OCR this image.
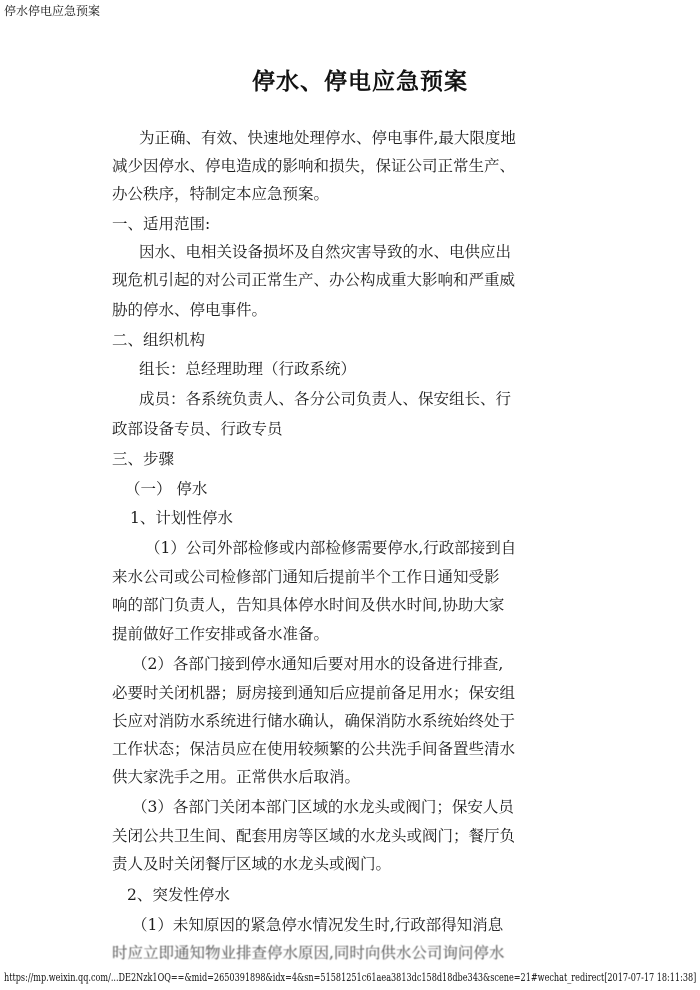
停水停电应急预案
停水、停电应急预案
为正确、有效、快速地处理停水、停电事件,最大限度地
减少因停水、停电造成的影响和损失，保证公司正常生产、
办公秩序，特制定本应急预案。
一、适用范围:
因水、电相关设备损坏及自然灾害导致的水、电供应出
现危机引起的对公司正常生产、办公构成重大影响和严重威
胁的停水、停电事件。
二、组织机构
组长：总经理助理（行政系统）
成员：各系统负责人、各分公司负责人、保安组长、行
政部设备专员、行政专员
三、步骤
（一） 停水
1、计划性停水
（1）公司外部检修或内部检修需要停水,行政部接到自
来水公司或公司检修部门通知后提前半个工作日通知受影
响的部门负责人，告知具体停水时间及供水时间,协助大家
提前做好工作安排或备水准备。
（2）各部门接到停水通知后要对用水的设备进行排查,
必要时关闭机器；厨房接到通知后应提前备足用水；保安组
长应对消防水系统进行储水确认，确保消防水系统始终处于
工作状态；保洁员应在使用较频繁的公共洗手间备置些清水
供大家洗手之用。正常供水后取消。
（3）各部门关闭本部门区域的水龙头或阀门；保安人员
关闭公共卫生间、配套用房等区域的水龙头或阀门；餐厅负
责人及时关闭餐厅区域的水龙头或阀门。
2、突发性停水
（1）未知原因的紧急停水情况发生时,行政部得知消息
时应立即通知物业排查停水原因,同时向供水公司询问停水
https://mp.weixin.qq.com/...DE2Nzk1OQ==&mid=2650391898&idx=4&sn=51581251c61aea3813dc158d18dbe343&scene=21#wechat_redirect[2017-07-17 18:11:38]
